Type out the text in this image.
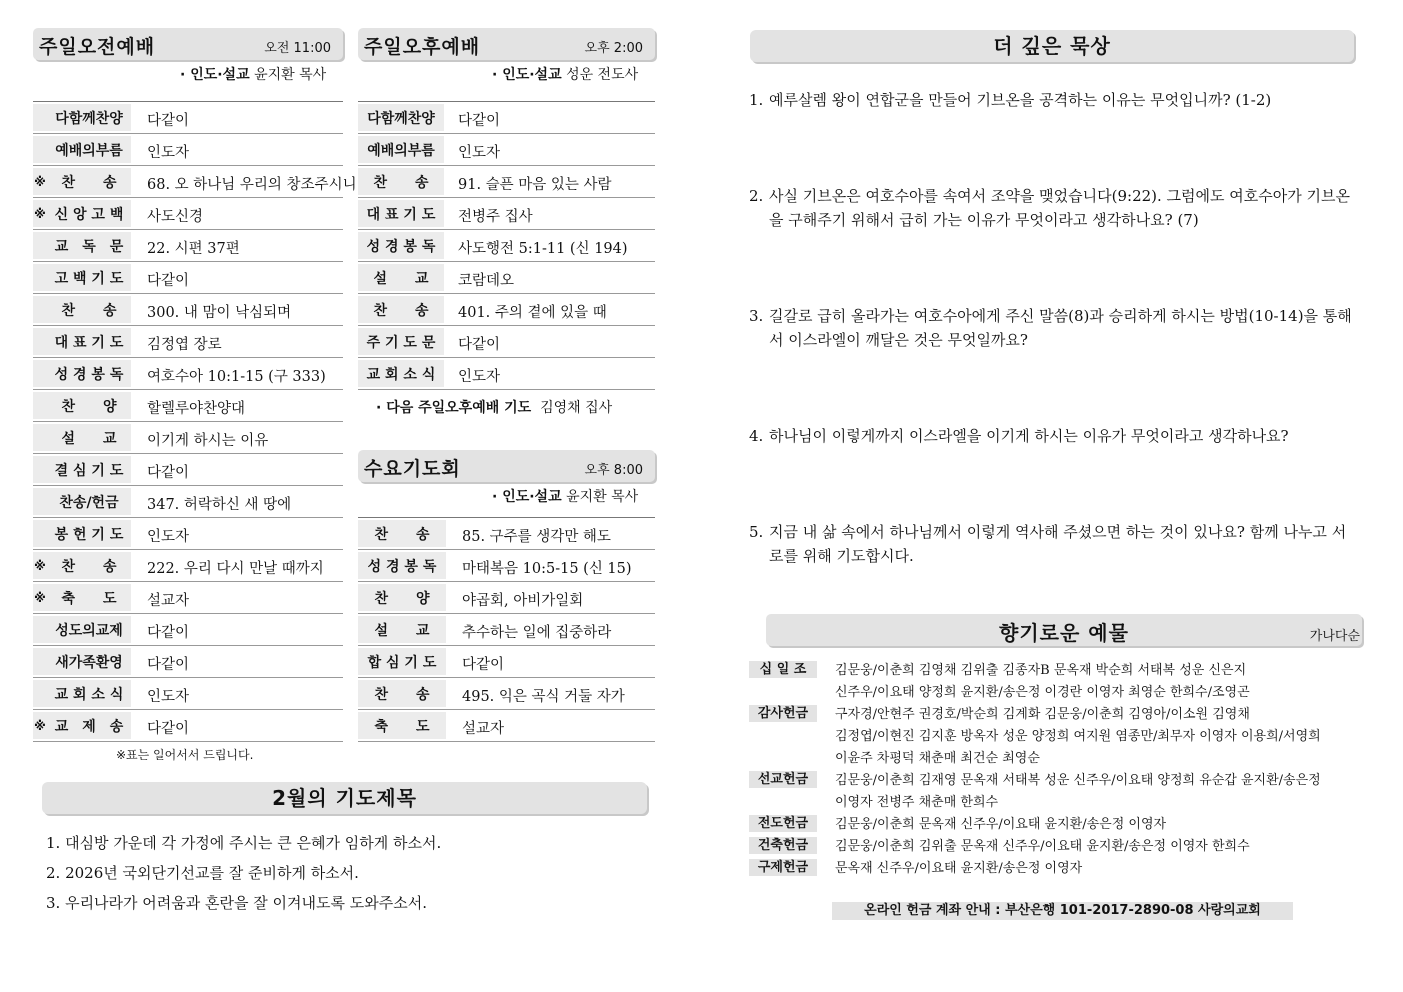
주일오전예배	오전 11:00
· 인도·설교 윤지환 목사
다함께찬양	다같이
예배의부름	인도자
※	찬　　송	68. 오 하나님 우리의 창조주시니
※ 신 앙 고 백	사도신경
교　독　문	22. 시편 37편
고 백 기 도	다같이
찬　　송	300. 내 맘이 낙심되며
대 표 기 도	김정엽 장로
성 경 봉 독	여호수아 10:1-15 (구 333)
찬　　양	할렐루야찬양대
설　　교	이기게 하시는 이유
결 심 기 도	다같이
찬송/헌금	347. 허락하신 새 땅에
봉 헌 기 도	인도자
※	찬　　송	222. 우리 다시 만날 때까지
※	축　　도	설교자
성도의교제	다같이
새가족환영	다같이
교 회 소 식	인도자
※ 교　제　송	다같이
※표는 일어서서 드립니다.
주일오후예배	오후 2:00
· 인도·설교 성운 전도사
다함께찬양	다같이
예배의부름	인도자
찬　　송	91. 슬픈 마음 있는 사람
대 표 기 도	전병주 집사
성 경 봉 독	사도행전 5:1-11 (신 194)
설　　교	코람데오
찬　　송	401. 주의 곁에 있을 때
주 기 도 문	다같이
교 회 소 식	인도자
· 다음 주일오후예배 기도 김영채 집사
수요기도회	오후 8:00
· 인도·설교 윤지환 목사
찬　　송	85. 구주를 생각만 해도
성 경 봉 독	마태복음 10:5-15 (신 15)
찬　　양	야곱회, 아비가일회
설　　교	추수하는 일에 집중하라
합 심 기 도	다같이
찬　　송	495. 익은 곡식 거둘 자가
축　　도	설교자
2월의 기도제목
1. 대심방 가운데 각 가정에 주시는 큰 은혜가 임하게 하소서.
2. 2026년 국외단기선교를 잘 준비하게 하소서.
3. 우리나라가 어려움과 혼란을 잘 이겨내도록 도와주소서.
더 깊은 묵상
1. 예루살렘 왕이 연합군을 만들어 기브온을 공격하는 이유는 무엇입니까? (1-2)
2. 사실 기브온은 여호수아를 속여서 조약을 맺었습니다(9:22). 그럼에도 여호수아가 기브온을 구해주기 위해서 급히 가는 이유가 무엇이라고 생각하나요? (7)
3. 길갈로 급히 올라가는 여호수아에게 주신 말씀(8)과 승리하게 하시는 방법(10-14)을 통해서 이스라엘이 깨달은 것은 무엇일까요?
4. 하나님이 이렇게까지 이스라엘을 이기게 하시는 이유가 무엇이라고 생각하나요?
5. 지금 내 삶 속에서 하나님께서 이렇게 역사해 주셨으면 하는 것이 있나요? 함께 나누고 서로를 위해 기도합시다.
향기로운 예물	가나다순
십 일 조	김문웅/이춘희 김영채 김위출 김종자B 문옥재 박순희 서태복 성운 신은지
신주우/이요태 양정희 윤지환/송은정 이경란 이영자 최영순 한희수/조영곤
감사헌금	구자경/안현주 권경호/박순희 김계화 김문웅/이춘희 김영아/이소원 김영채
김정엽/이현진 김지훈 방옥자 성운 양정희 여지원 염종만/최무자 이영자 이용희/서영희
이윤주 차평덕 채춘매 최건순 최영순
선교헌금	김문웅/이춘희 김재영 문옥재 서태복 성운 신주우/이요태 양정희 유순갑 윤지환/송은정
이영자 전병주 채춘매 한희수
전도헌금	김문웅/이춘희 문옥재 신주우/이요태 윤지환/송은정 이영자
건축헌금	김문웅/이춘희 김위출 문옥재 신주우/이요태 윤지환/송은정 이영자 한희수
구제헌금	문옥재 신주우/이요태 윤지환/송은정 이영자
온라인 헌금 계좌 안내 : 부산은행 101-2017-2890-08 사랑의교회
